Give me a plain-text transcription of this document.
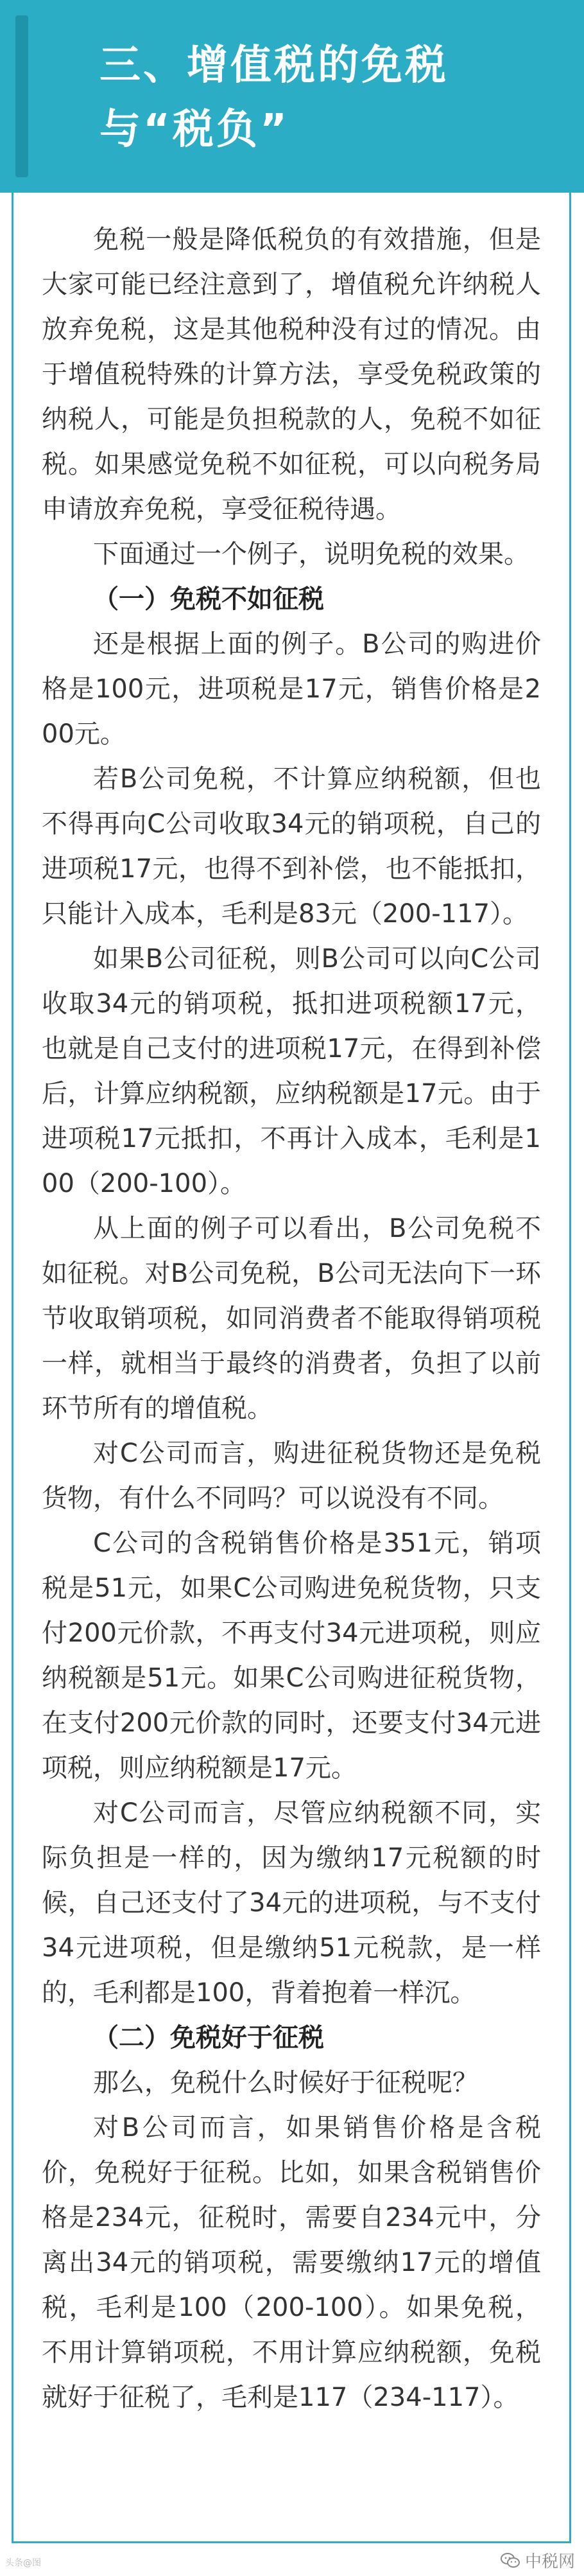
三、增值税的免税与“税负”

免税一般是降低税负的有效措施，但是大家可能已经注意到了，增值税允许纳税人放弃免税，这是其他税种没有过的情况。由于增值税特殊的计算方法，享受免税政策的纳税人，可能是负担税款的人，免税不如征税。如果感觉免税不如征税，可以向税务局申请放弃免税，享受征税待遇。

下面通过一个例子，说明免税的效果。

（一）免税不如征税

还是根据上面的例子。B公司的购进价格是100元，进项税是17元，销售价格是200元。

若B公司免税，不计算应纳税额，但也不得再向C公司收取34元的销项税，自己的进项税17元，也得不到补偿，也不能抵扣，只能计入成本，毛利是83元（200-117）。

如果B公司征税，则B公司可以向C公司收取34元的销项税，抵扣进项税额17元，也就是自己支付的进项税17元，在得到补偿后，计算应纳税额，应纳税额是17元。由于进项税17元抵扣，不再计入成本，毛利是100（200-100）。

从上面的例子可以看出，B公司免税不如征税。对B公司免税，B公司无法向下一环节收取销项税，如同消费者不能取得销项税一样，就相当于最终的消费者，负担了以前环节所有的增值税。

对C公司而言，购进征税货物还是免税货物，有什么不同吗？可以说没有不同。

C公司的含税销售价格是351元，销项税是51元，如果C公司购进免税货物，只支付200元价款，不再支付34元进项税，则应纳税额是51元。如果C公司购进征税货物，在支付200元价款的同时，还要支付34元进项税，则应纳税额是17元。

对C公司而言，尽管应纳税额不同，实际负担是一样的，因为缴纳17元税额的时候，自己还支付了34元的进项税，与不支付34元进项税，但是缴纳51元税款，是一样的，毛利都是100，背着抱着一样沉。

（二）免税好于征税

那么，免税什么时候好于征税呢？

对B公司而言，如果销售价格是含税价，免税好于征税。比如，如果含税销售价格是234元，征税时，需要自234元中，分离出34元的销项税，需要缴纳17元的增值税，毛利是100（200-100）。如果免税，不用计算销项税，不用计算应纳税额，免税就好于征税了，毛利是117（234-117）。

头条@图	中税网
